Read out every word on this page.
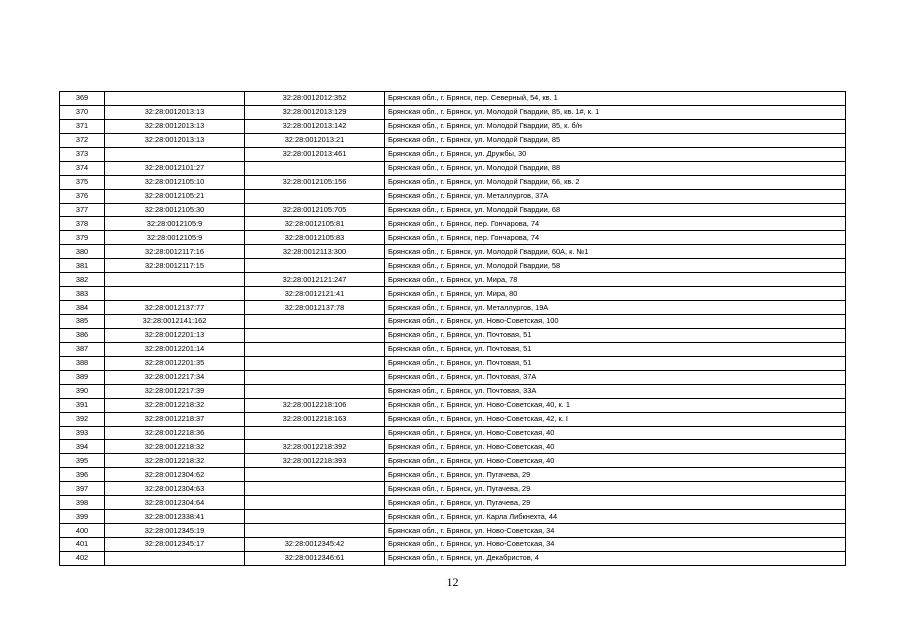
369		32:28:0012012:352	Брянская обл., г. Брянск, пер. Северный, 54, кв. 1
370	32:28:0012013:13	32:28:0012013:129	Брянская обл., г. Брянск, ул. Молодой Гвардии, 85, кв. 1#, к. 1
371	32:28:0012013:13	32:28:0012013:142	Брянская обл., г. Брянск, ул. Молодой Гвардии, 85, к. б/н
372	32:28:0012013:13	32:28:0012013:21	Брянская обл., г. Брянск, ул. Молодой Гвардии, 85
373		32:28:0012013:461	Брянская обл., г. Брянск, ул. Дружбы, 30
374	32:28:0012101:27		Брянская обл., г. Брянск, ул. Молодой Гвардии, 88
375	32:28:0012105:10	32:28:0012105:156	Брянская обл., г. Брянск, ул. Молодой Гвардии, 66, кв. 2
376	32:28:0012105:21		Брянская обл., г. Брянск, ул. Металлургов, 37А
377	32:28:0012105:30	32:28:0012105:705	Брянская обл., г. Брянск, ул. Молодой Гвардии, 68
378	32:28:0012105:9	32:28:0012105:81	Брянская обл., г. Брянск, пер. Гончарова, 74
379	32:28:0012105:9	32:28:0012105:83	Брянская обл., г. Брянск, пер. Гончарова, 74
380	32:28:0012117:16	32:28:0012113:300	Брянская обл., г. Брянск, ул. Молодой Гвардии, 60А, к. №1
381	32:28:0012117:15		Брянская обл., г. Брянск, ул. Молодой Гвардии, 58
382		32:28:0012121:247	Брянская обл., г. Брянск, ул. Мира, 78
383		32:28:0012121:41	Брянская обл., г. Брянск, ул. Мира, 80
384	32:28:0012137:77	32:28:0012137:78	Брянская обл., г. Брянск, ул. Металлургов, 19А
385	32:28:0012141:162		Брянская обл., г. Брянск, ул. Ново-Советская, 100
386	32:28:0012201:13		Брянская обл., г. Брянск, ул. Почтовая, 51
387	32:28:0012201:14		Брянская обл., г. Брянск, ул. Почтовая, 51
388	32:28:0012201:35		Брянская обл., г. Брянск, ул. Почтовая, 51
389	32:28:0012217:34		Брянская обл., г. Брянск, ул. Почтовая, 37А
390	32:28:0012217:39		Брянская обл., г. Брянск, ул. Почтовая, 33А
391	32:28:0012218:32	32:28:0012218:106	Брянская обл., г. Брянск, ул. Ново-Советская, 40, к. 1
392	32:28:0012218:37	32:28:0012218:163	Брянская обл., г. Брянск, ул. Ново-Советская, 42, к. I
393	32:28:0012218:36		Брянская обл., г. Брянск, ул. Ново-Советская, 40
394	32:28:0012218:32	32:28:0012218:392	Брянская обл., г. Брянск, ул. Ново-Советская, 40
395	32:28:0012218:32	32:28:0012218:393	Брянская обл., г. Брянск, ул. Ново-Советская, 40
396	32:28:0012304:62		Брянская обл., г. Брянск, ул. Пугачева, 29
397	32:28:0012304:63		Брянская обл., г. Брянск, ул. Пугачева, 29
398	32:28:0012304:64		Брянская обл., г. Брянск, ул. Пугачева, 29
399	32:28:0012338:41		Брянская обл., г. Брянск, ул. Карла Либкнехта, 44
400	32:28:0012345:19		Брянская обл., г. Брянск, ул. Ново-Советская, 34
401	32:28:0012345:17	32:28:0012345:42	Брянская обл., г. Брянск, ул. Ново-Советская, 34
402		32:28:0012346:61	Брянская обл., г. Брянск, ул. Декабристов, 4
12
